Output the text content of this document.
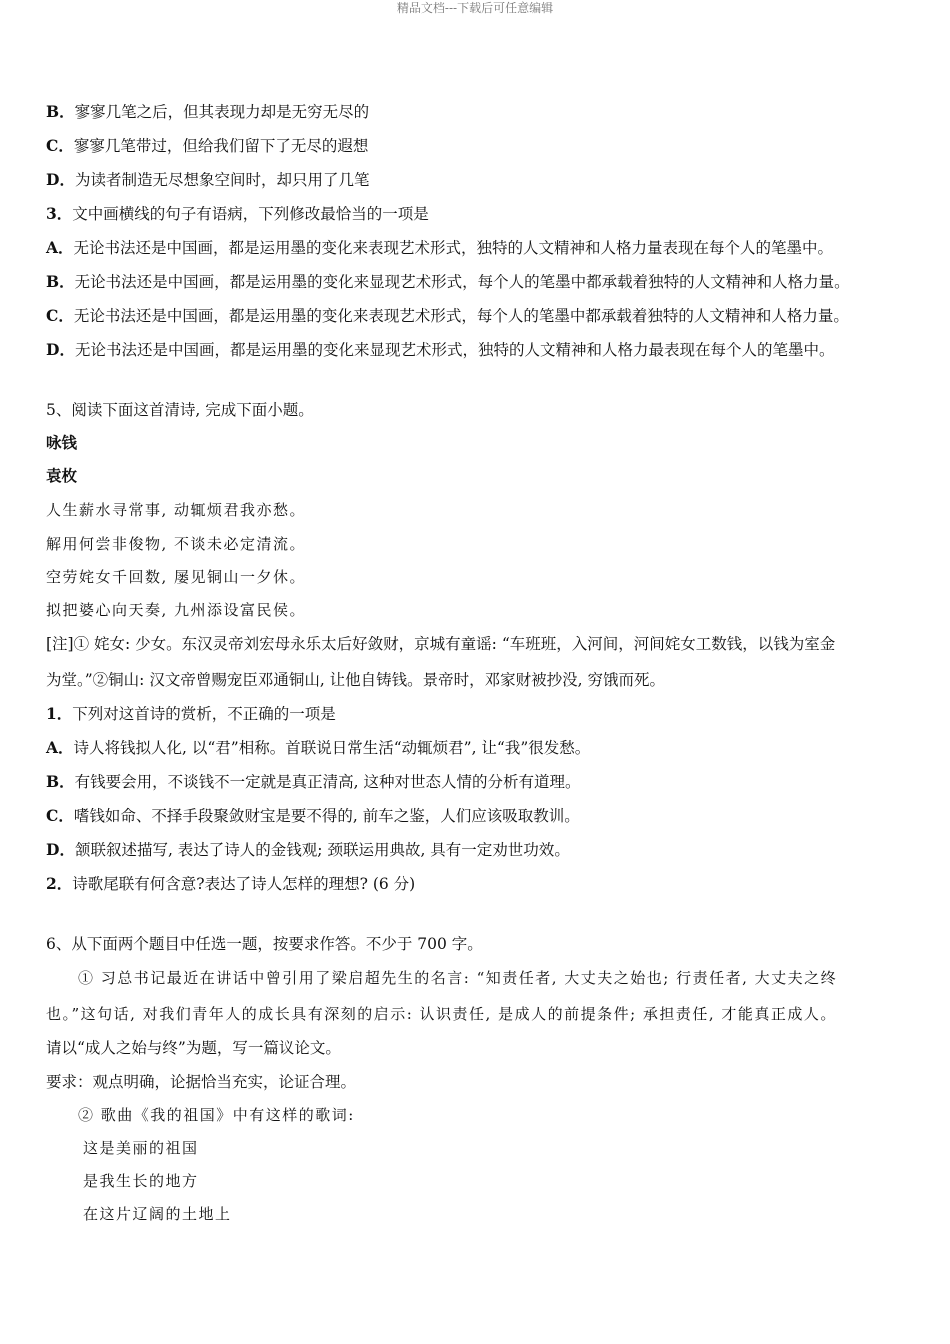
精品文档---下载后可任意编辑
B．寥寥几笔之后，但其表现力却是无穷无尽的
C．寥寥几笔带过，但给我们留下了无尽的遐想
D．为读者制造无尽想象空间时，却只用了几笔
3．文中画横线的句子有语病，下列修改最恰当的一项是
A．无论书法还是中国画，都是运用墨的变化来表现艺术形式，独特的人文精神和人格力量表现在每个人的笔墨中。
B．无论书法还是中国画，都是运用墨的变化来显现艺术形式，每个人的笔墨中都承载着独特的人文精神和人格力量。
C．无论书法还是中国画，都是运用墨的变化来表现艺术形式，每个人的笔墨中都承载着独特的人文精神和人格力量。
D．无论书法还是中国画，都是运用墨的变化来显现艺术形式，独特的人文精神和人格力最表现在每个人的笔墨中。
5、阅读下面这首清诗, 完成下面小题。
咏钱
袁枚
人生薪水寻常事, 动辄烦君我亦愁。
解用何尝非俊物, 不谈未必定清流。
空劳姹女千回数, 屡见铜山一夕休。
拟把婆心向天奏, 九州添设富民侯。
[注]① 姹女: 少女。东汉灵帝刘宏母永乐太后好敛财，京城有童谣: “车班班，入河间，河间姹女工数钱，以钱为室金
为堂。”②铜山: 汉文帝曾赐宠臣邓通铜山, 让他自铸钱。景帝时，邓家财被抄没, 穷饿而死。
1．下列对这首诗的赏析，不正确的一项是
A．诗人将钱拟人化, 以“君”相称。首联说日常生活“动辄烦君”, 让“我”很发愁。
B．有钱要会用，不谈钱不一定就是真正清高, 这种对世态人情的分析有道理。
C．嗜钱如命、不择手段聚敛财宝是要不得的, 前车之鉴，人们应该吸取教训。
D．颔联叙述描写, 表达了诗人的金钱观; 颈联运用典故, 具有一定劝世功效。
2．诗歌尾联有何含意?表达了诗人怎样的理想? (6 分)
6、从下面两个题目中任选一题，按要求作答。不少于 700 字。
① 习总书记最近在讲话中曾引用了梁启超先生的名言: “知责任者, 大丈夫之始也; 行责任者, 大丈夫之终
也。”这句话, 对我们青年人的成长具有深刻的启示: 认识责任, 是成人的前提条件; 承担责任, 才能真正成人。
请以“成人之始与终”为题，写一篇议论文。
要求：观点明确，论据恰当充实，论证合理。
② 歌曲《我的祖国》中有这样的歌词:
这是美丽的祖国
是我生长的地方
在这片辽阔的土地上
